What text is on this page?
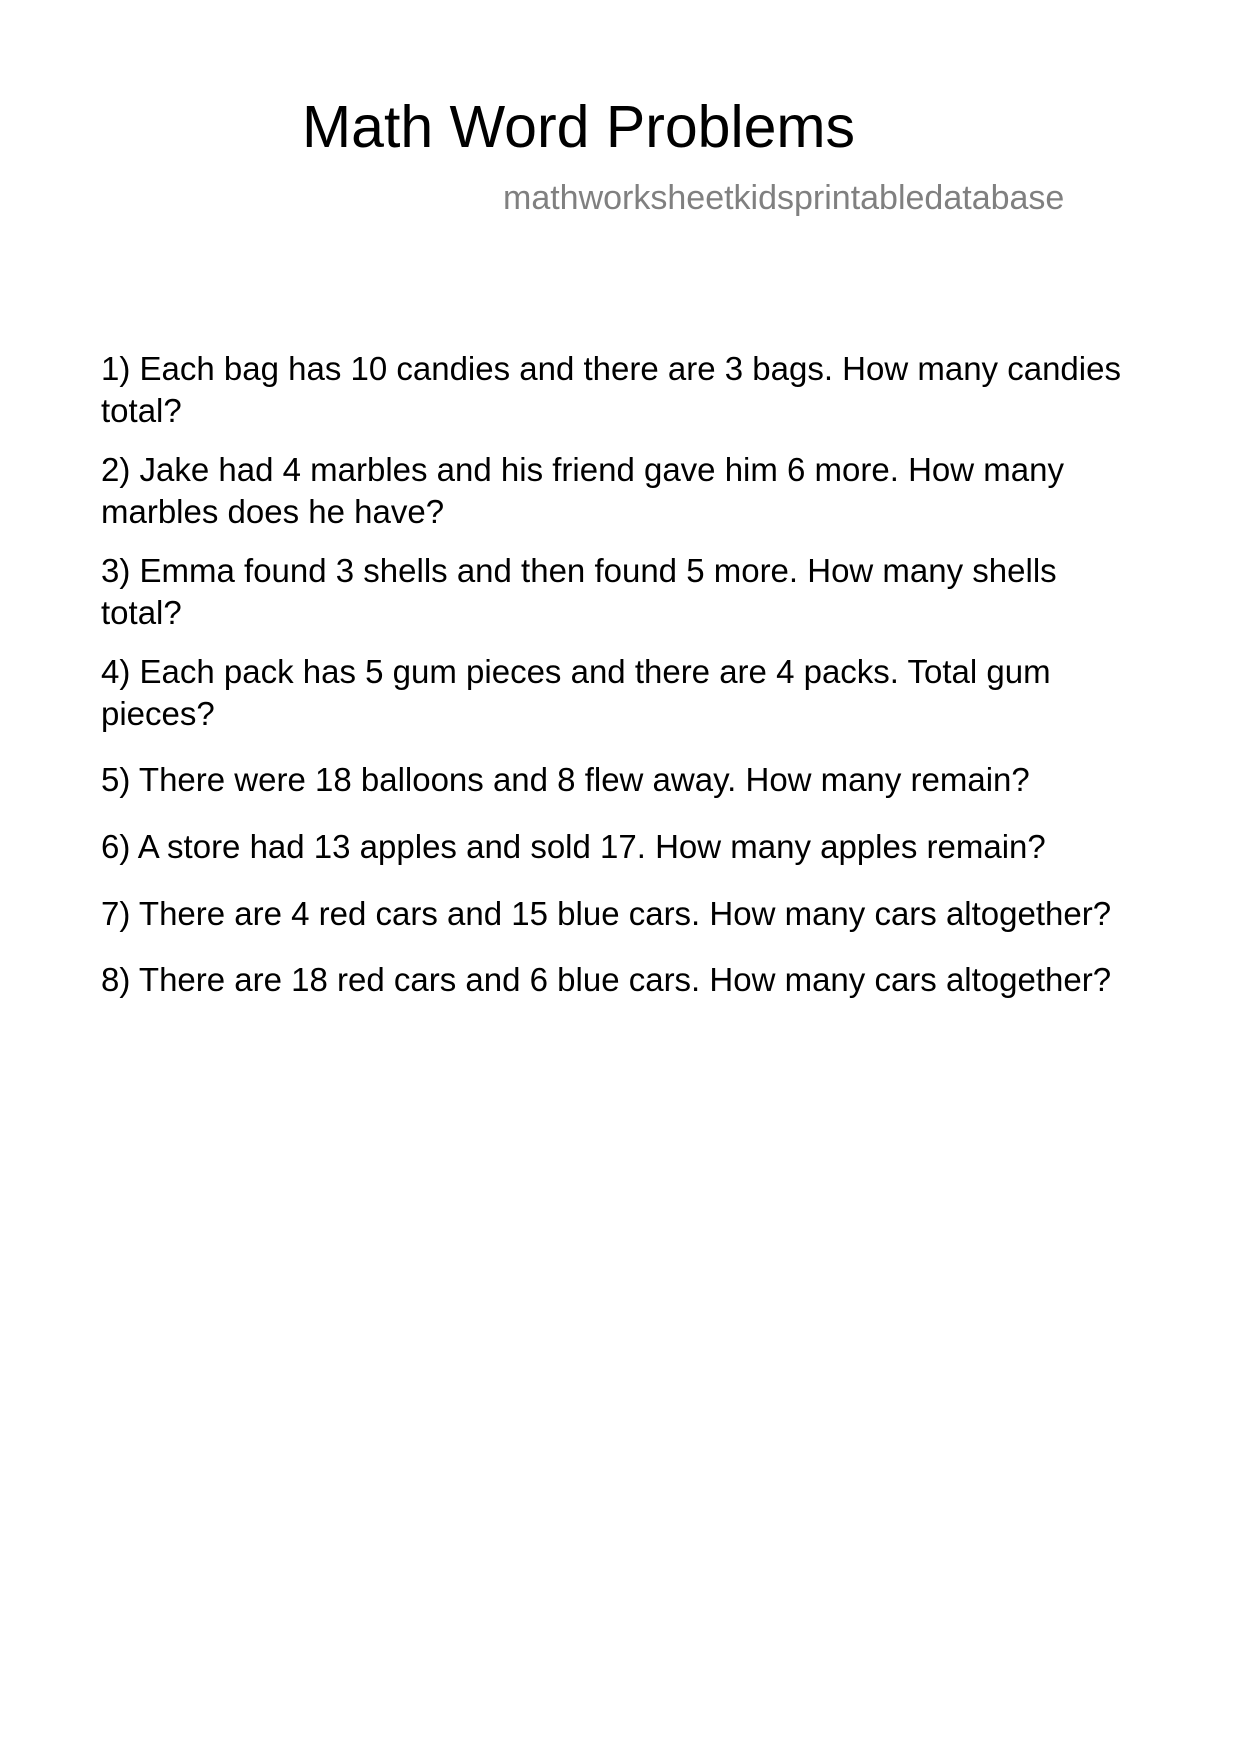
Math Word Problems
mathworksheetkidsprintabledatabase
1) Each bag has 10 candies and there are 3 bags. How many candies total?
2) Jake had 4 marbles and his friend gave him 6 more. How many marbles does he have?
3) Emma found 3 shells and then found 5 more. How many shells total?
4) Each pack has 5 gum pieces and there are 4 packs. Total gum pieces?
5) There were 18 balloons and 8 flew away. How many remain?
6) A store had 13 apples and sold 17. How many apples remain?
7) There are 4 red cars and 15 blue cars. How many cars altogether?
8) There are 18 red cars and 6 blue cars. How many cars altogether?
